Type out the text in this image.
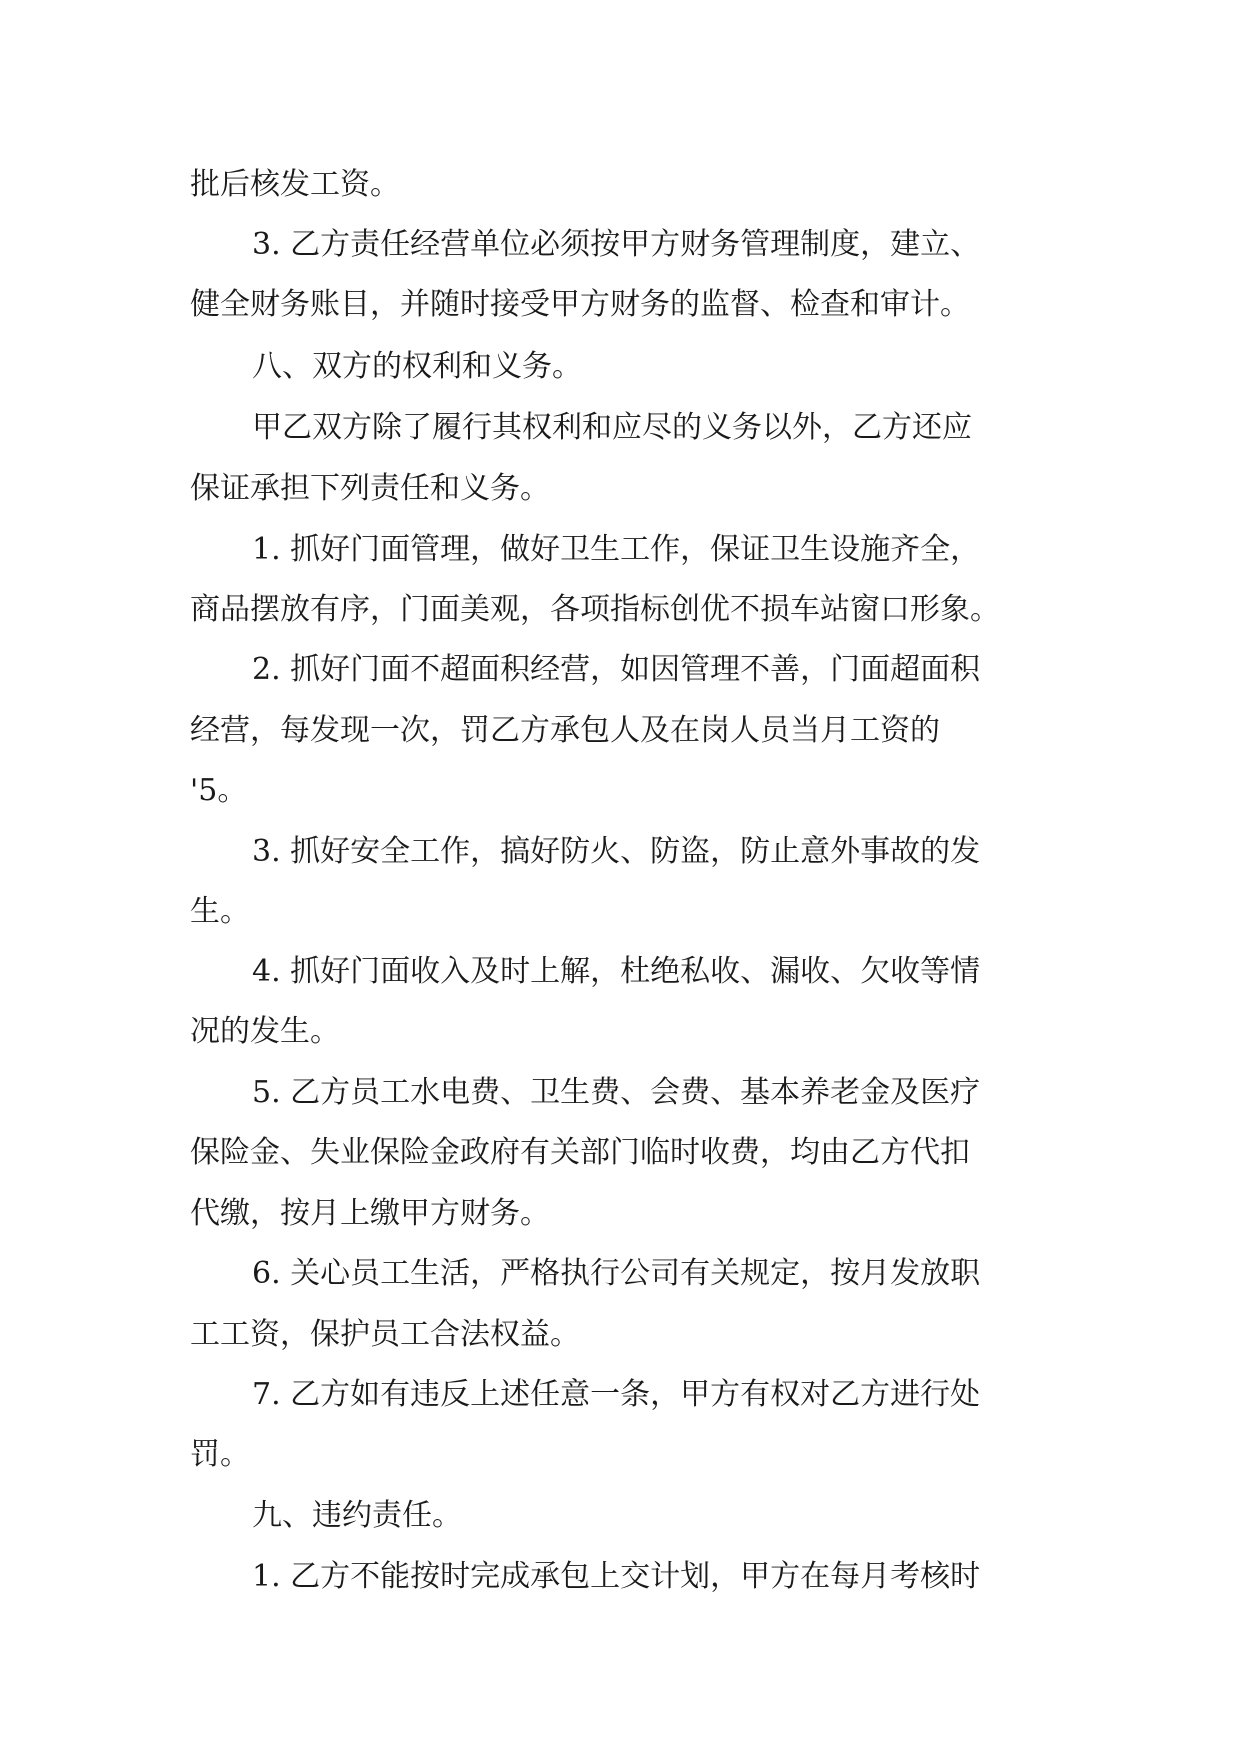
批后核发工资。

3. 乙方责任经营单位必须按甲方财务管理制度，建立、

健全财务账目，并随时接受甲方财务的监督、检查和审计。

八、双方的权利和义务。

甲乙双方除了履行其权利和应尽的义务以外，乙方还应

保证承担下列责任和义务。

1. 抓好门面管理，做好卫生工作，保证卫生设施齐全，

商品摆放有序，门面美观，各项指标创优不损车站窗口形象。

2. 抓好门面不超面积经营，如因管理不善，门面超面积

经营，每发现一次，罚乙方承包人及在岗人员当月工资的

'5。

3. 抓好安全工作，搞好防火、防盗，防止意外事故的发

生。

4. 抓好门面收入及时上解，杜绝私收、漏收、欠收等情

况的发生。

5. 乙方员工水电费、卫生费、会费、基本养老金及医疗

保险金、失业保险金政府有关部门临时收费，均由乙方代扣

代缴，按月上缴甲方财务。

6. 关心员工生活，严格执行公司有关规定，按月发放职

工工资，保护员工合法权益。

7. 乙方如有违反上述任意一条，甲方有权对乙方进行处

罚。

九、违约责任。

1. 乙方不能按时完成承包上交计划，甲方在每月考核时
